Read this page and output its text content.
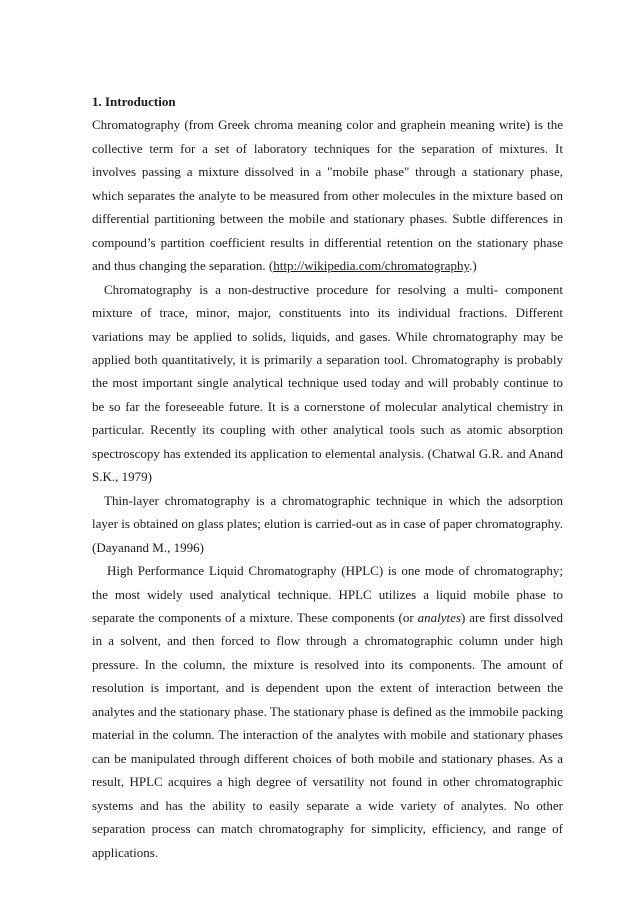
1. Introduction

Chromatography (from Greek chroma meaning color and graphein meaning write) is the collective term for a set of laboratory techniques for the separation of mixtures. It involves passing a mixture dissolved in a "mobile phase" through a stationary phase, which separates the analyte to be measured from other molecules in the mixture based on differential partitioning between the mobile and stationary phases. Subtle differences in compound’s partition coefficient results in differential retention on the stationary phase and thus changing the separation. (http://wikipedia.com/chromatography.)

Chromatography is a non-destructive procedure for resolving a multi- component mixture of trace, minor, major, constituents into its individual fractions. Different variations may be applied to solids, liquids, and gases. While chromatography may be applied both quantitatively, it is primarily a separation tool. Chromatography is probably the most important single analytical technique used today and will probably continue to be so far the foreseeable future. It is a cornerstone of molecular analytical chemistry in particular. Recently its coupling with other analytical tools such as atomic absorption spectroscopy has extended its application to elemental analysis. (Chatwal G.R. and Anand S.K., 1979)

Thin-layer chromatography is a chromatographic technique in which the adsorption layer is obtained on glass plates; elution is carried-out as in case of paper chromatography. (Dayanand M., 1996)

High Performance Liquid Chromatography (HPLC) is one mode of chromatography; the most widely used analytical technique. HPLC utilizes a liquid mobile phase to separate the components of a mixture. These components (or analytes) are first dissolved in a solvent, and then forced to flow through a chromatographic column under high pressure. In the column, the mixture is resolved into its components. The amount of resolution is important, and is dependent upon the extent of interaction between the analytes and the stationary phase. The stationary phase is defined as the immobile packing material in the column. The interaction of the analytes with mobile and stationary phases can be manipulated through different choices of both mobile and stationary phases. As a result, HPLC acquires a high degree of versatility not found in other chromatographic systems and has the ability to easily separate a wide variety of analytes. No other separation process can match chromatography for simplicity, efficiency, and range of applications.
